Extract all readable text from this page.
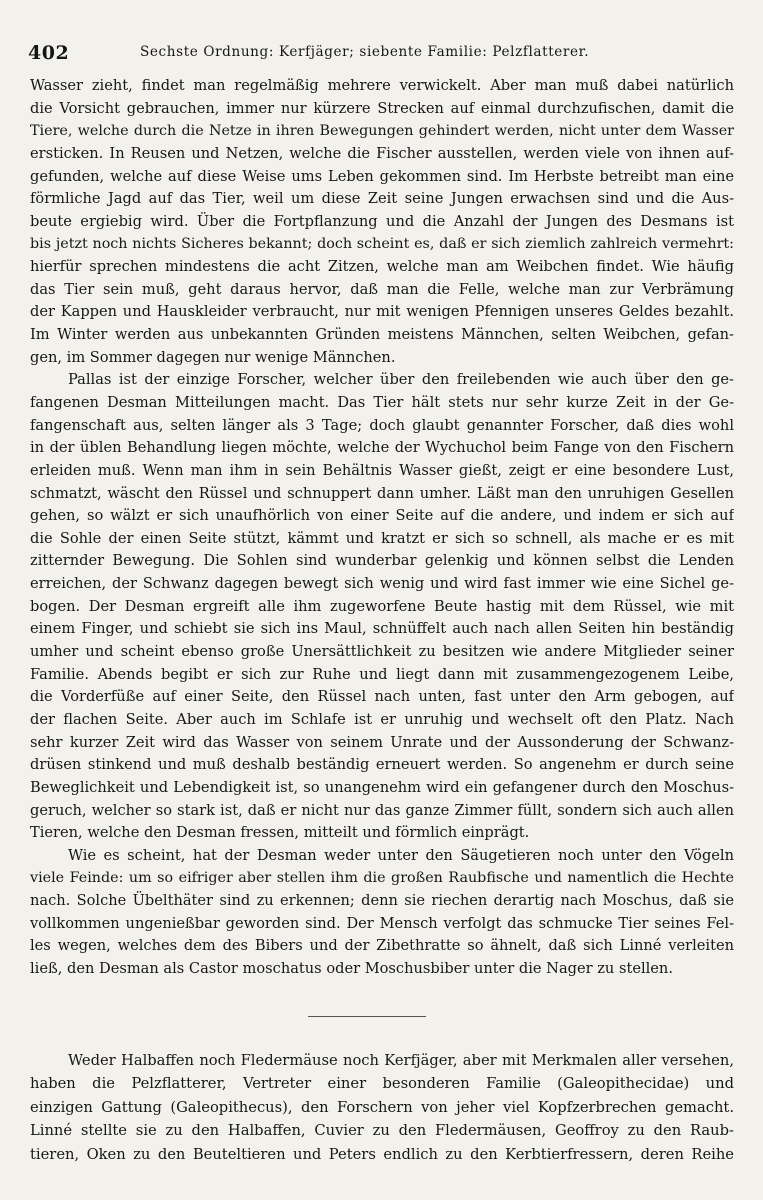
402	Sechste Ordnung: Kerfjäger; siebente Familie: Pelzflatterer.
Wasser zieht, findet man regelmäßig mehrere verwickelt. Aber man muß dabei natürlich
die Vorsicht gebrauchen, immer nur kürzere Strecken auf einmal durchzufischen, damit die
Tiere, welche durch die Netze in ihren Bewegungen gehindert werden, nicht unter dem Wasser
ersticken. In Reusen und Netzen, welche die Fischer ausstellen, werden viele von ihnen auf-
gefunden, welche auf diese Weise ums Leben gekommen sind. Im Herbste betreibt man eine
förmliche Jagd auf das Tier, weil um diese Zeit seine Jungen erwachsen sind und die Aus-
beute ergiebig wird. Über die Fortpflanzung und die Anzahl der Jungen des Desmans ist
bis jetzt noch nichts Sicheres bekannt; doch scheint es, daß er sich ziemlich zahlreich vermehrt:
hierfür sprechen mindestens die acht Zitzen, welche man am Weibchen findet. Wie häufig
das Tier sein muß, geht daraus hervor, daß man die Felle, welche man zur Verbrämung
der Kappen und Hauskleider verbraucht, nur mit wenigen Pfennigen unseres Geldes bezahlt.
Im Winter werden aus unbekannten Gründen meistens Männchen, selten Weibchen, gefan-
gen, im Sommer dagegen nur wenige Männchen.
Pallas ist der einzige Forscher, welcher über den freilebenden wie auch über den ge-
fangenen Desman Mitteilungen macht. Das Tier hält stets nur sehr kurze Zeit in der Ge-
fangenschaft aus, selten länger als 3 Tage; doch glaubt genannter Forscher, daß dies wohl
in der üblen Behandlung liegen möchte, welche der Wychuchol beim Fange von den Fischern
erleiden muß. Wenn man ihm in sein Behältnis Wasser gießt, zeigt er eine besondere Lust,
schmatzt, wäscht den Rüssel und schnuppert dann umher. Läßt man den unruhigen Gesellen
gehen, so wälzt er sich unaufhörlich von einer Seite auf die andere, und indem er sich auf
die Sohle der einen Seite stützt, kämmt und kratzt er sich so schnell, als mache er es mit
zitternder Bewegung. Die Sohlen sind wunderbar gelenkig und können selbst die Lenden
erreichen, der Schwanz dagegen bewegt sich wenig und wird fast immer wie eine Sichel ge-
bogen. Der Desman ergreift alle ihm zugeworfene Beute hastig mit dem Rüssel, wie mit
einem Finger, und schiebt sie sich ins Maul, schnüffelt auch nach allen Seiten hin beständig
umher und scheint ebenso große Unersättlichkeit zu besitzen wie andere Mitglieder seiner
Familie. Abends begibt er sich zur Ruhe und liegt dann mit zusammengezogenem Leibe,
die Vorderfüße auf einer Seite, den Rüssel nach unten, fast unter den Arm gebogen, auf
der flachen Seite. Aber auch im Schlafe ist er unruhig und wechselt oft den Platz. Nach
sehr kurzer Zeit wird das Wasser von seinem Unrate und der Aussonderung der Schwanz-
drüsen stinkend und muß deshalb beständig erneuert werden. So angenehm er durch seine
Beweglichkeit und Lebendigkeit ist, so unangenehm wird ein gefangener durch den Moschus-
geruch, welcher so stark ist, daß er nicht nur das ganze Zimmer füllt, sondern sich auch allen
Tieren, welche den Desman fressen, mitteilt und förmlich einprägt.
Wie es scheint, hat der Desman weder unter den Säugetieren noch unter den Vögeln
viele Feinde: um so eifriger aber stellen ihm die großen Raubfische und namentlich die Hechte
nach. Solche Übelthäter sind zu erkennen; denn sie riechen derartig nach Moschus, daß sie
vollkommen ungenießbar geworden sind. Der Mensch verfolgt das schmucke Tier seines Fel-
les wegen, welches dem des Bibers und der Zibethratte so ähnelt, daß sich Linné verleiten
ließ, den Desman als Castor moschatus oder Moschusbiber unter die Nager zu stellen.
Weder Halbaffen noch Fledermäuse noch Kerfjäger, aber mit Merkmalen aller versehen,
haben die Pelzflatterer, Vertreter einer besonderen Familie (Galeopithecidae) und
einzigen Gattung (Galeopithecus), den Forschern von jeher viel Kopfzerbrechen gemacht.
Linné stellte sie zu den Halbaffen, Cuvier zu den Fledermäusen, Geoffroy zu den Raub-
tieren, Oken zu den Beuteltieren und Peters endlich zu den Kerbtierfressern, deren Reihe
